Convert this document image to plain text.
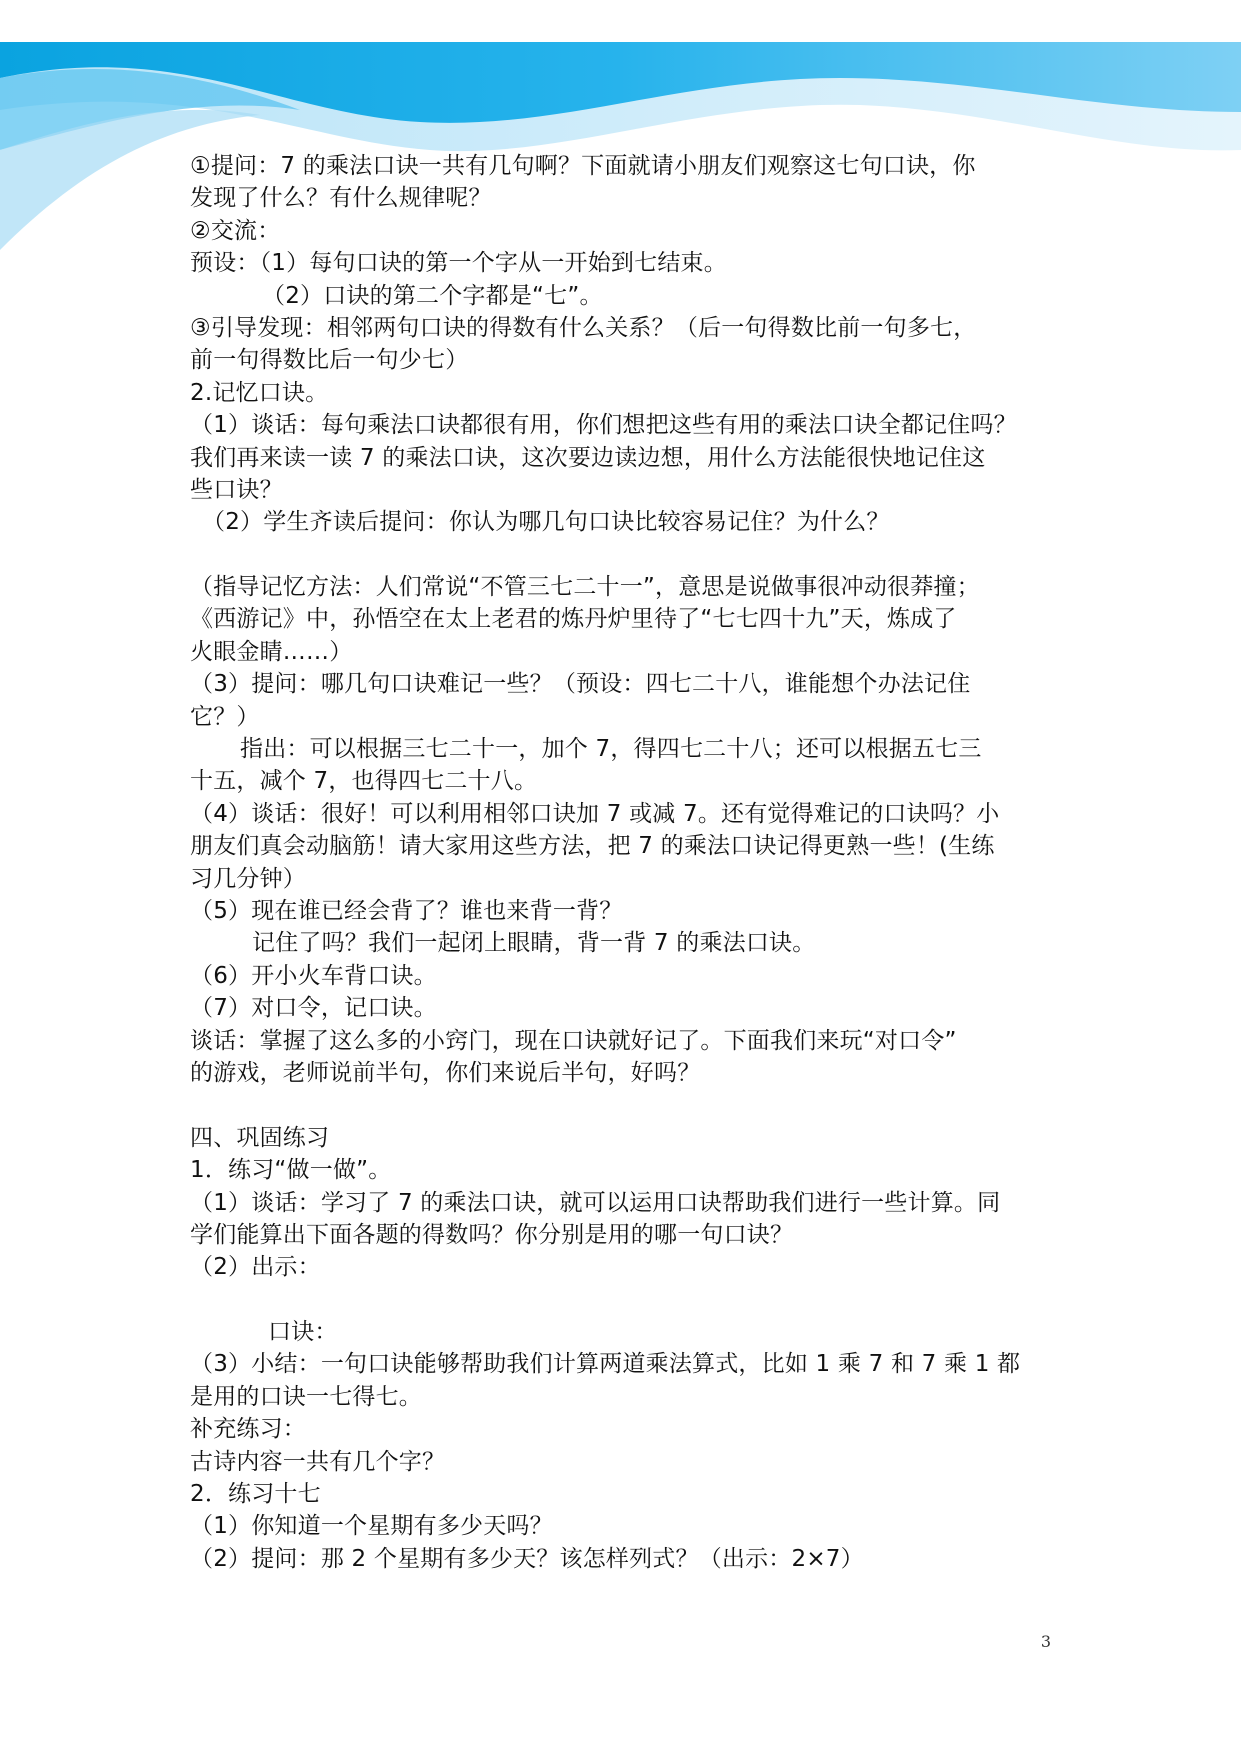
①提问：7 的乘法口诀一共有几句啊？下面就请小朋友们观察这七句口诀，你
发现了什么？有什么规律呢？
②交流：
预设：（1）每句口诀的第一个字从一开始到七结束。
（2）口诀的第二个字都是“七”。
③引导发现：相邻两句口诀的得数有什么关系？（后一句得数比前一句多七，
前一句得数比后一句少七）
2.记忆口诀。
（1）谈话：每句乘法口诀都很有用，你们想把这些有用的乘法口诀全都记住吗？
我们再来读一读 7 的乘法口诀，这次要边读边想，用什么方法能很快地记住这
些口诀？
（2）学生齐读后提问：你认为哪几句口诀比较容易记住？为什么？
（指导记忆方法：人们常说“不管三七二十一”，意思是说做事很冲动很莽撞；
《西游记》中，孙悟空在太上老君的炼丹炉里待了“七七四十九”天，炼成了
火眼金睛……）
（3）提问：哪几句口诀难记一些？（预设：四七二十八，谁能想个办法记住
它？）
指出：可以根据三七二十一，加个 7，得四七二十八；还可以根据五七三
十五，减个 7，也得四七二十八。
（4）谈话：很好！可以利用相邻口诀加 7 或减 7。还有觉得难记的口诀吗？小
朋友们真会动脑筋！请大家用这些方法，把 7 的乘法口诀记得更熟一些！(生练
习几分钟）
（5）现在谁已经会背了？谁也来背一背？
记住了吗？我们一起闭上眼睛，背一背 7 的乘法口诀。
（6）开小火车背口诀。
（7）对口令，记口诀。
谈话：掌握了这么多的小窍门，现在口诀就好记了。下面我们来玩“对口令”
的游戏，老师说前半句，你们来说后半句，好吗？
四、巩固练习
1．练习“做一做”。
（1）谈话：学习了 7 的乘法口诀，就可以运用口诀帮助我们进行一些计算。同
学们能算出下面各题的得数吗？你分别是用的哪一句口诀？
（2）出示：
口诀：
（3）小结：一句口诀能够帮助我们计算两道乘法算式，比如 1 乘 7 和 7 乘 1 都
是用的口诀一七得七。
补充练习：
古诗内容一共有几个字？
2．练习十七
（1）你知道一个星期有多少天吗？
（2）提问：那 2 个星期有多少天？该怎样列式？（出示：2×7）
3
